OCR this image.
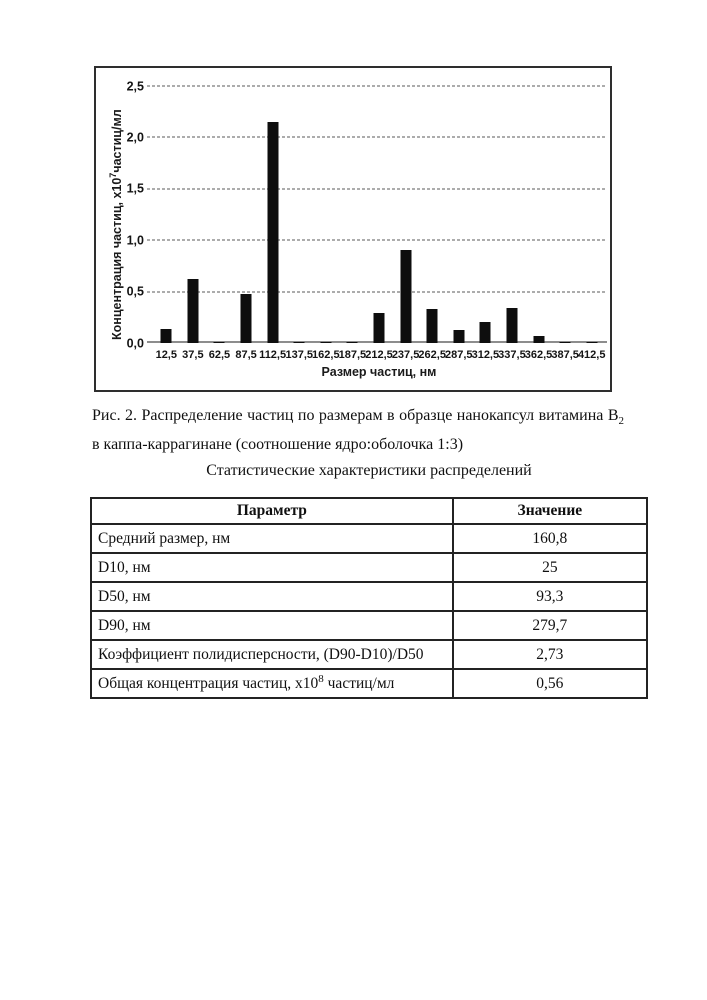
Концентрация частиц, $х10^7частиц/мл$
0,0
0,5
1,0
1,5
2,0
2,5
12,5 37,5 62,5 87,5 112,5 137,5 162,5 187,5 212,5 237,5 262,5 287,5 312,5 337,5 362,5 387,5 412,5
Размер частиц, нм

Рис. 2. Распределение частиц по размерам в образце нанокапсул витамина $В_2$
в каппа-каррагинане (соотношение ядро:оболочка 1:3)

Статистические характеристики распределений
Параметр	Значение
Средний размер, нм	160,8
D10, нм	25
D50, нм	93,3
D90, нм	279,7
Коэффициент полидисперсности, (D90-D10)/D50	2,73
Общая концентрация частиц, $х10^8$ частиц/мл	0,56
